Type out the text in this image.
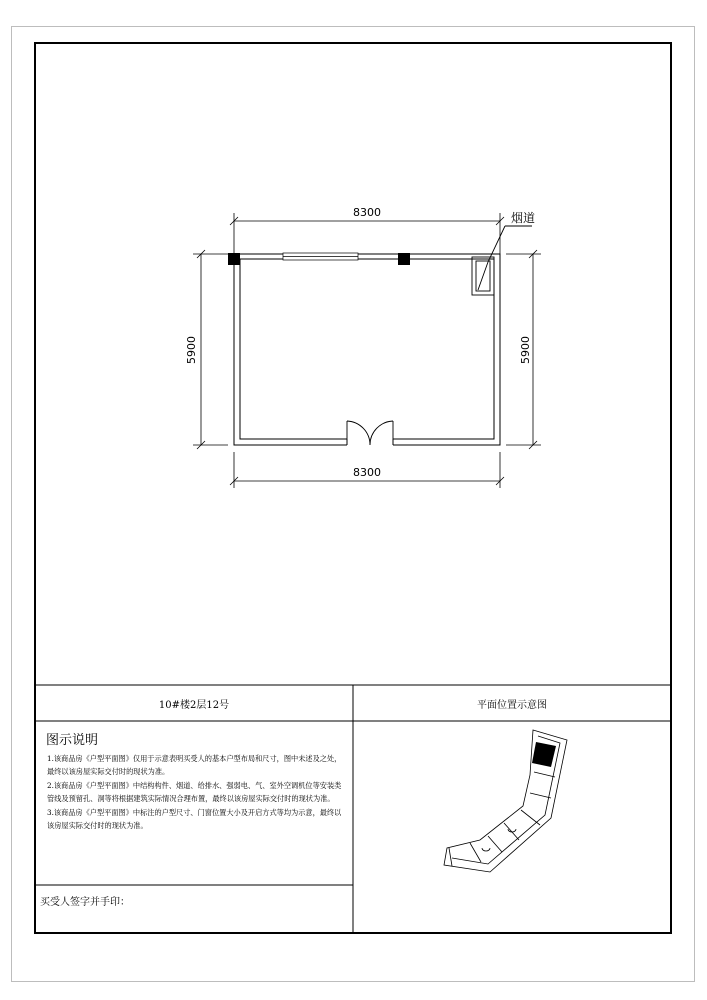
8300
8300
5900	5900
烟道
10#楼2层12号	平面位置示意图
图示说明

1.该商品房《户型平面图》仅用于示意表明买受人的基本户型布局和尺寸，图中未述及之处，最终以该房屋实际交付时的现状为准。

2.该商品房《户型平面图》中结构构件、烟道、给排水、强弱电、气、室外空调机位等安装类管线及预留孔、洞等将根据建筑实际情况合理布置，最终以该房屋实际交付时的现状为准。

3.该商品房《户型平面图》中标注的户型尺寸、门窗位置大小及开启方式等均为示意，最终以该房屋实际交付时的现状为准。

买受人签字并手印：
